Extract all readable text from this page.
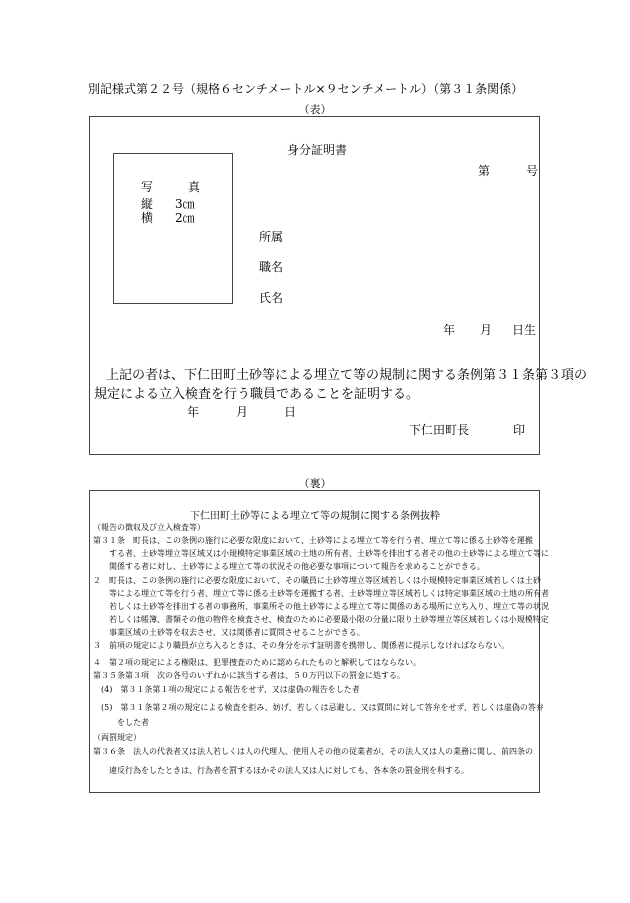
別記様式第２２号（規格６センチメートル×９センチメートル）（第３１条関係）
（表）
身分証明書
第	号
写	真
縦 3㎝
横 2㎝
所属
職名
氏名
年 月 日生
上記の者は、下仁田町土砂等による埋立て等の規制に関する条例第３１条第３項の
規定による立入検査を行う職員であることを証明する。
年	月	日
下仁田町長	印
（裏）
下仁田町土砂等による埋立て等の規制に関する条例抜粋
（報告の徴収及び立入検査等）
第３１条　町長は、この条例の施行に必要な限度において、土砂等による埋立て等を行う者、埋立て等に係る土砂等を運搬
　　する者、土砂等埋立等区域又は小規模特定事業区域の土地の所有者、土砂等を排出する者その他の土砂等による埋立て等に
　　関係する者に対し、土砂等による埋立て等の状況その他必要な事項について報告を求めることができる。
２　町長は、この条例の施行に必要な限度において、その職員に土砂等埋立等区域若しくは小規模特定事業区域若しくは土砂
　　等による埋立て等を行う者、埋立て等に係る土砂等を運搬する者、土砂等埋立等区域若しくは特定事業区域の土地の所有者
　　若しくは土砂等を排出する者の事務所、事業所その他土砂等による埋立て等に関係のある場所に立ち入り、埋立て等の状況
　　若しくは帳簿、書類その他の物件を検査させ、検査のために必要最小限の分量に限り土砂等埋立等区域若しくは小規模特定
　　事業区域の土砂等を収去させ、又は関係者に質問させることができる。
３　前項の規定により職員が立ち入るときは、その身分を示す証明書を携帯し、関係者に提示しなければならない。
４　第２項の規定による権限は、犯罪捜査のために認められたものと解釈してはならない。
第３５条第３項　次の各号のいずれかに該当する者は、５０万円以下の罰金に処する。
　(4)　第３１条第１項の規定による報告をせず、又は虚偽の報告をした者
　(5)　第３１条第２項の規定による検査を拒み、妨げ、若しくは忌避し、又は質問に対して答弁をせず、若しくは虚偽の答弁
　　　をした者
（両罰規定）
第３６条　法人の代表者又は法人若しくは人の代理人、使用人その他の従業者が、その法人又は人の業務に関し、前四条の
　　違反行為をしたときは、行為者を罰するほかその法人又は人に対しても、各本条の罰金刑を科する。
